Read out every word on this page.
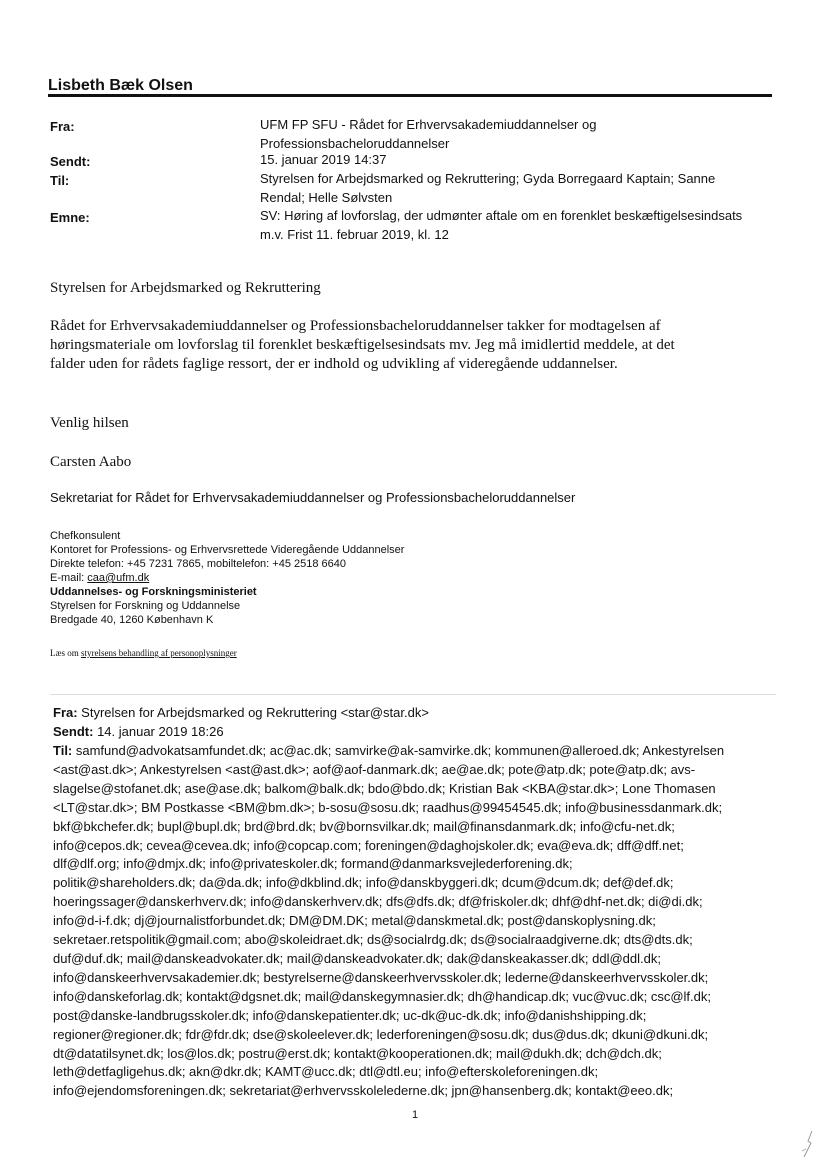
Lisbeth Bæk Olsen
Fra:	UFM FP SFU - Rådet for Erhvervsakademiuddannelser og
Professionsbacheloruddannelser
Sendt:	15. januar 2019 14:37
Til:	Styrelsen for Arbejdsmarked og Rekruttering; Gyda Borregaard Kaptain; Sanne
Rendal; Helle Sølvsten
Emne:	SV: Høring af lovforslag, der udmønter aftale om en forenklet beskæftigelsesindsats
m.v. Frist 11. februar 2019, kl. 12
Styrelsen for Arbejdsmarked og Rekruttering
Rådet for Erhvervsakademiuddannelser og Professionsbacheloruddannelser takker for modtagelsen af
høringsmateriale om lovforslag til forenklet beskæftigelsesindsats mv. Jeg må imidlertid meddele, at det
falder uden for rådets faglige ressort, der er indhold og udvikling af videregående uddannelser.
Venlig hilsen
Carsten Aabo
Sekretariat for Rådet for Erhvervsakademiuddannelser og Professionsbacheloruddannelser
Chefkonsulent
Kontoret for Professions- og Erhvervsrettede Videregående Uddannelser
Direkte telefon: +45 7231 7865, mobiltelefon: +45 2518 6640
E-mail: caa@ufm.dk
Uddannelses- og Forskningsministeriet
Styrelsen for Forskning og Uddannelse
Bredgade 40, 1260 København K
Læs om styrelsens behandling af personoplysninger
Fra: Styrelsen for Arbejdsmarked og Rekruttering <star@star.dk>
Sendt: 14. januar 2019 18:26
Til: samfund@advokatsamfundet.dk; ac@ac.dk; samvirke@ak-samvirke.dk; kommunen@alleroed.dk; Ankestyrelsen
<ast@ast.dk>; Ankestyrelsen <ast@ast.dk>; aof@aof-danmark.dk; ae@ae.dk; pote@atp.dk; pote@atp.dk; avs-
slagelse@stofanet.dk; ase@ase.dk; balkom@balk.dk; bdo@bdo.dk; Kristian Bak <KBA@star.dk>; Lone Thomasen
<LT@star.dk>; BM Postkasse <BM@bm.dk>; b-sosu@sosu.dk; raadhus@99454545.dk; info@businessdanmark.dk;
bkf@bkchefer.dk; bupl@bupl.dk; brd@brd.dk; bv@bornsvilkar.dk; mail@finansdanmark.dk; info@cfu-net.dk;
info@cepos.dk; cevea@cevea.dk; info@copcap.com; foreningen@daghojskoler.dk; eva@eva.dk; dff@dff.net;
dlf@dlf.org; info@dmjx.dk; info@privateskoler.dk; formand@danmarksvejlederforening.dk;
politik@shareholders.dk; da@da.dk; info@dkblind.dk; info@danskbyggeri.dk; dcum@dcum.dk; def@def.dk;
hoeringssager@danskerhverv.dk; info@danskerhverv.dk; dfs@dfs.dk; df@friskoler.dk; dhf@dhf-net.dk; di@di.dk;
info@d-i-f.dk; dj@journalistforbundet.dk; DM@DM.DK; metal@danskmetal.dk; post@danskoplysning.dk;
sekretaer.retspolitik@gmail.com; abo@skoleidraet.dk; ds@socialrdg.dk; ds@socialraadgiverne.dk; dts@dts.dk;
duf@duf.dk; mail@danskeadvokater.dk; mail@danskeadvokater.dk; dak@danskeakasser.dk; ddl@ddl.dk;
info@danskeerhvervsakademier.dk; bestyrelserne@danskeerhvervsskoler.dk; lederne@danskeerhvervsskoler.dk;
info@danskeforlag.dk; kontakt@dgsnet.dk; mail@danskegymnasier.dk; dh@handicap.dk; vuc@vuc.dk; csc@lf.dk;
post@danske-landbrugsskoler.dk; info@danskepatienter.dk; uc-dk@uc-dk.dk; info@danishshipping.dk;
regioner@regioner.dk; fdr@fdr.dk; dse@skoleelever.dk; lederforeningen@sosu.dk; dus@dus.dk; dkuni@dkuni.dk;
dt@datatilsynet.dk; los@los.dk; postru@erst.dk; kontakt@kooperationen.dk; mail@dukh.dk; dch@dch.dk;
leth@detfagligehus.dk; akn@dkr.dk; KAMT@ucc.dk; dtl@dtl.eu; info@efterskoleforeningen.dk;
info@ejendomsforeningen.dk; sekretariat@erhvervsskolelederne.dk; jpn@hansenberg.dk; kontakt@eeo.dk;
1
